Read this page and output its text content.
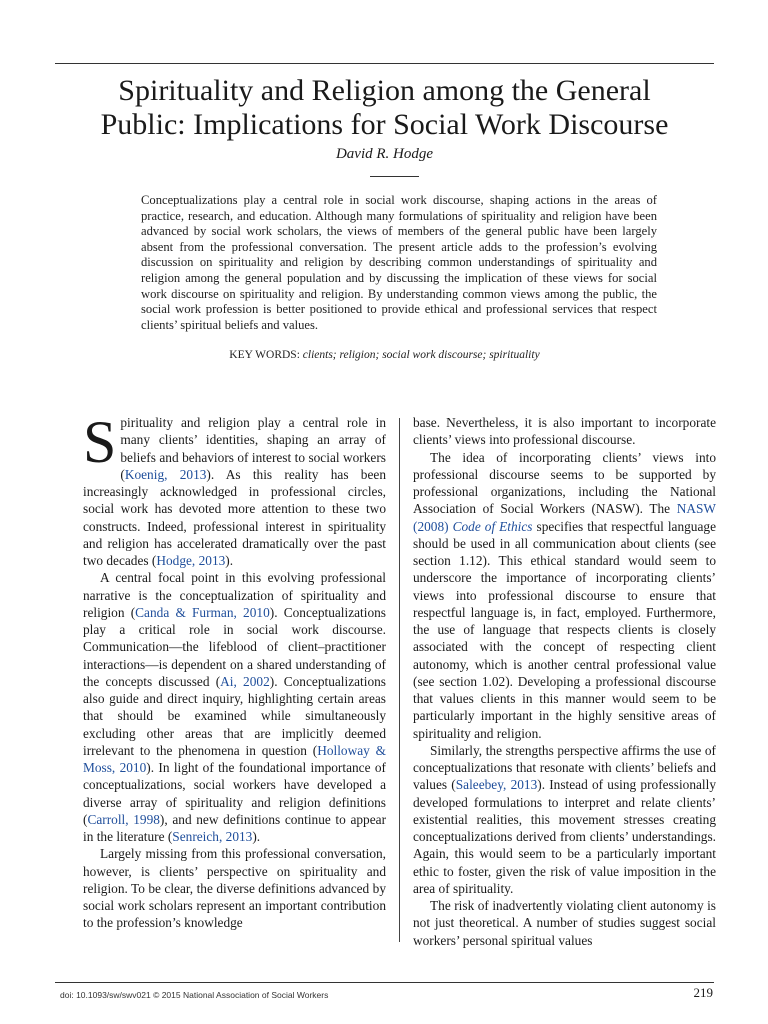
Spirituality and Religion among the General
Public: Implications for Social Work Discourse
David R. Hodge
Conceptualizations play a central role in social work discourse, shaping actions in the areas of practice, research, and education. Although many formulations of spirituality and religion have been advanced by social work scholars, the views of members of the general public have been largely absent from the professional conversation. The present article adds to the profession’s evolving discussion on spirituality and religion by describing common understandings of spirituality and religion among the general population and by discussing the implication of these views for social work discourse on spirituality and religion. By understanding common views among the public, the social work profession is better positioned to provide ethical and professional services that respect clients’ spiritual beliefs and values.
KEY WORDS: clients; religion; social work discourse; spirituality

Spirituality and religion play a central role in many clients’ identities, shaping an array of beliefs and behaviors of interest to social workers (Koenig, 2013). As this reality has been increasingly acknowledged in professional circles, social work has devoted more attention to these two constructs. Indeed, professional interest in spirituality and religion has accelerated dramatically over the past two decades (Hodge, 2013).

A central focal point in this evolving professional narrative is the conceptualization of spirituality and religion (Canda & Furman, 2010). Conceptualizations play a critical role in social work discourse. Communication—the lifeblood of client–practitioner interactions—is dependent on a shared understanding of the concepts discussed (Ai, 2002). Conceptualizations also guide and direct inquiry, highlighting certain areas that should be examined while simultaneously excluding other areas that are implicitly deemed irrelevant to the phenomena in question (Holloway & Moss, 2010). In light of the foundational importance of conceptualizations, social workers have developed a diverse array of spirituality and religion definitions (Carroll, 1998), and new definitions continue to appear in the literature (Senreich, 2013).

Largely missing from this professional conversation, however, is clients’ perspective on spirituality and religion. To be clear, the diverse definitions advanced by social work scholars represent an important contribution to the profession’s knowledge

base. Nevertheless, it is also important to incorporate clients’ views into professional discourse.

The idea of incorporating clients’ views into professional discourse seems to be supported by professional organizations, including the National Association of Social Workers (NASW). The NASW (2008) Code of Ethics specifies that respectful language should be used in all communication about clients (see section 1.12). This ethical standard would seem to underscore the importance of incorporating clients’ views into professional discourse to ensure that respectful language is, in fact, employed. Furthermore, the use of language that respects clients is closely associated with the concept of respecting client autonomy, which is another central professional value (see section 1.02). Developing a professional discourse that values clients in this manner would seem to be particularly important in the highly sensitive areas of spirituality and religion.

Similarly, the strengths perspective affirms the use of conceptualizations that resonate with clients’ beliefs and values (Saleebey, 2013). Instead of using professionally developed formulations to interpret and relate clients’ existential realities, this movement stresses creating conceptualizations derived from clients’ understandings. Again, this would seem to be a particularly important ethic to foster, given the risk of value imposition in the area of spirituality.

The risk of inadvertently violating client autonomy is not just theoretical. A number of studies suggest social workers’ personal spiritual values

doi: 10.1093/sw/swv021 © 2015 National Association of Social Workers	219
